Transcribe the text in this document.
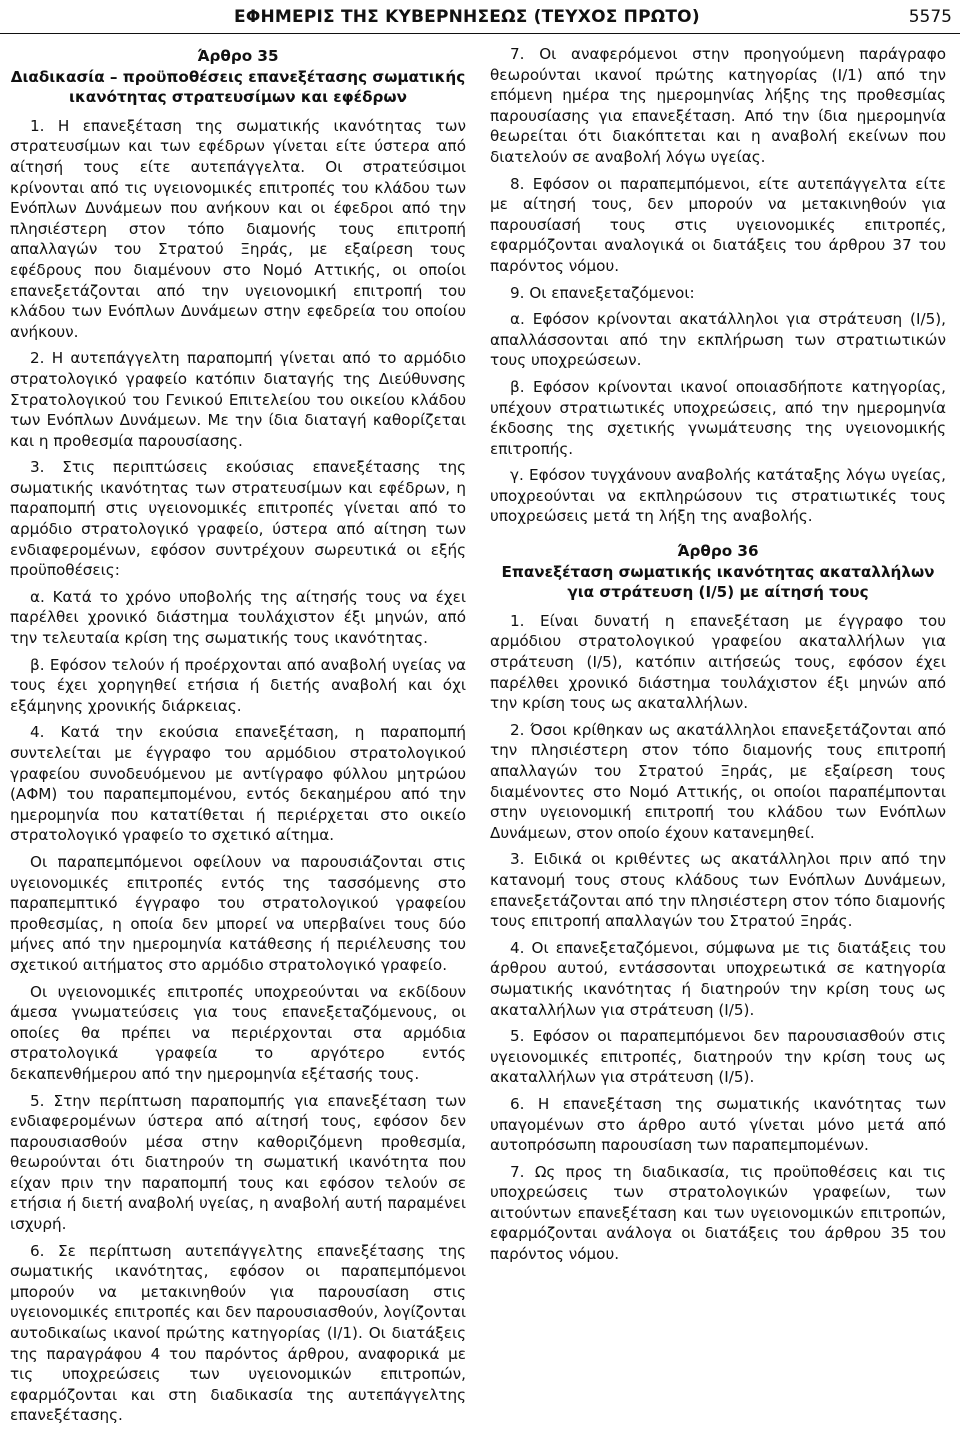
ΕΦΗΜΕΡΙΣ ΤΗΣ ΚΥΒΕΡΝΗΣΕΩΣ (ΤΕΥΧΟΣ ΠΡΩΤΟ)	5575
Άρθρο 35
Διαδικασία – προϋποθέσεις επανεξέτασης σωματικής ικανότητας στρατευσίμων και εφέδρων

1. Η επανεξέταση της σωματικής ικανότητας των στρατευσίμων και των εφέδρων γίνεται είτε ύστερα από αίτησή τους είτε αυτεπάγγελτα. Οι στρατεύσιμοι κρίνονται από τις υγειονομικές επιτροπές του κλάδου των Ενόπλων Δυνάμεων που ανήκουν και οι έφεδροι από την πλησιέστερη στον τόπο διαμονής τους επιτροπή απαλλαγών του Στρατού Ξηράς, με εξαίρεση τους εφέδρους που διαμένουν στο Νομό Αττικής, οι οποίοι επανεξετάζονται από την υγειονομική επιτροπή του κλάδου των Ενόπλων Δυνάμεων στην εφεδρεία του οποίου ανήκουν.

2. Η αυτεπάγγελτη παραπομπή γίνεται από το αρμόδιο στρατολογικό γραφείο κατόπιν διαταγής της Διεύθυνσης Στρατολογικού του Γενικού Επιτελείου του οικείου κλάδου των Ενόπλων Δυνάμεων. Με την ίδια διαταγή καθορίζεται και η προθεσμία παρουσίασης.

3. Στις περιπτώσεις εκούσιας επανεξέτασης της σωματικής ικανότητας των στρατευσίμων και εφέδρων, η παραπομπή στις υγειονομικές επιτροπές γίνεται από το αρμόδιο στρατολογικό γραφείο, ύστερα από αίτηση των ενδιαφερομένων, εφόσον συντρέχουν σωρευτικά οι εξής προϋποθέσεις:

α. Κατά το χρόνο υποβολής της αίτησής τους να έχει παρέλθει χρονικό διάστημα τουλάχιστον έξι μηνών, από την τελευταία κρίση της σωματικής τους ικανότητας.

β. Εφόσον τελούν ή προέρχονται από αναβολή υγείας να τους έχει χορηγηθεί ετήσια ή διετής αναβολή και όχι εξάμηνης χρονικής διάρκειας.

4. Κατά την εκούσια επανεξέταση, η παραπομπή συντελείται με έγγραφο του αρμόδιου στρατολογικού γραφείου συνοδευόμενου με αντίγραφο φύλλου μητρώου (ΑΦΜ) του παραπεμπομένου, εντός δεκαημέρου από την ημερομηνία που κατατίθεται ή περιέρχεται στο οικείο στρατολογικό γραφείο το σχετικό αίτημα.

Οι παραπεμπόμενοι οφείλουν να παρουσιάζονται στις υγειονομικές επιτροπές εντός της τασσόμενης στο παραπεμπτικό έγγραφο του στρατολογικού γραφείου προθεσμίας, η οποία δεν μπορεί να υπερβαίνει τους δύο μήνες από την ημερομηνία κατάθεσης ή περιέλευσης του σχετικού αιτήματος στο αρμόδιο στρατολογικό γραφείο.

Οι υγειονομικές επιτροπές υποχρεούνται να εκδίδουν άμεσα γνωματεύσεις για τους επανεξεταζόμενους, οι οποίες θα πρέπει να περιέρχονται στα αρμόδια στρατολογικά γραφεία το αργότερο εντός δεκαπενθήμερου από την ημερομηνία εξέτασής τους.

5. Στην περίπτωση παραπομπής για επανεξέταση των ενδιαφερομένων ύστερα από αίτησή τους, εφόσον δεν παρουσιασθούν μέσα στην καθοριζόμενη προθεσμία, θεωρούνται ότι διατηρούν τη σωματική ικανότητα που είχαν πριν την παραπομπή τους και εφόσον τελούν σε ετήσια ή διετή αναβολή υγείας, η αναβολή αυτή παραμένει ισχυρή.

6. Σε περίπτωση αυτεπάγγελτης επανεξέτασης της σωματικής ικανότητας, εφόσον οι παραπεμπόμενοι μπορούν να μετακινηθούν για παρουσίαση στις υγειονομικές επιτροπές και δεν παρουσιασθούν, λογίζονται αυτοδικαίως ικανοί πρώτης κατηγορίας (Ι/1). Οι διατάξεις της παραγράφου 4 του παρόντος άρθρου, αναφορικά με τις υποχρεώσεις των υγειονομικών επιτροπών, εφαρμόζονται και στη διαδικασία της αυτεπάγγελτης επανεξέτασης.

7. Οι αναφερόμενοι στην προηγούμενη παράγραφο θεωρούνται ικανοί πρώτης κατηγορίας (Ι/1) από την επόμενη ημέρα της ημερομηνίας λήξης της προθεσμίας παρουσίασης για επανεξέταση. Από την ίδια ημερομηνία θεωρείται ότι διακόπτεται και η αναβολή εκείνων που διατελούν σε αναβολή λόγω υγείας.

8. Εφόσον οι παραπεμπόμενοι, είτε αυτεπάγγελτα είτε με αίτησή τους, δεν μπορούν να μετακινηθούν για παρουσίασή τους στις υγειονομικές επιτροπές, εφαρμόζονται αναλογικά οι διατάξεις του άρθρου 37 του παρόντος νόμου.

9. Οι επανεξεταζόμενοι:

α. Εφόσον κρίνονται ακατάλληλοι για στράτευση (Ι/5), απαλλάσσονται από την εκπλήρωση των στρατιωτικών τους υποχρεώσεων.

β. Εφόσον κρίνονται ικανοί οποιασδήποτε κατηγορίας, υπέχουν στρατιωτικές υποχρεώσεις, από την ημερομηνία έκδοσης της σχετικής γνωμάτευσης της υγειονομικής επιτροπής.

γ. Εφόσον τυγχάνουν αναβολής κατάταξης λόγω υγείας, υποχρεούνται να εκπληρώσουν τις στρατιωτικές τους υποχρεώσεις μετά τη λήξη της αναβολής.

Άρθρο 36
Επανεξέταση σωματικής ικανότητας ακαταλλήλων για στράτευση (Ι/5) με αίτησή τους

1. Είναι δυνατή η επανεξέταση με έγγραφο του αρμόδιου στρατολογικού γραφείου ακαταλλήλων για στράτευση (Ι/5), κατόπιν αιτήσεώς τους, εφόσον έχει παρέλθει χρονικό διάστημα τουλάχιστον έξι μηνών από την κρίση τους ως ακαταλλήλων.

2. Όσοι κρίθηκαν ως ακατάλληλοι επανεξετάζονται από την πλησιέστερη στον τόπο διαμονής τους επιτροπή απαλλαγών του Στρατού Ξηράς, με εξαίρεση τους διαμένοντες στο Νομό Αττικής, οι οποίοι παραπέμπονται στην υγειονομική επιτροπή του κλάδου των Ενόπλων Δυνάμεων, στον οποίο έχουν κατανεμηθεί.

3. Ειδικά οι κριθέντες ως ακατάλληλοι πριν από την κατανομή τους στους κλάδους των Ενόπλων Δυνάμεων, επανεξετάζονται από την πλησιέστερη στον τόπο διαμονής τους επιτροπή απαλλαγών του Στρατού Ξηράς.

4. Οι επανεξεταζόμενοι, σύμφωνα με τις διατάξεις του άρθρου αυτού, εντάσσονται υποχρεωτικά σε κατηγορία σωματικής ικανότητας ή διατηρούν την κρίση τους ως ακαταλλήλων για στράτευση (Ι/5).

5. Εφόσον οι παραπεμπόμενοι δεν παρουσιασθούν στις υγειονομικές επιτροπές, διατηρούν την κρίση τους ως ακαταλλήλων για στράτευση (Ι/5).

6. Η επανεξέταση της σωματικής ικανότητας των υπαγομένων στο άρθρο αυτό γίνεται μόνο μετά από αυτοπρόσωπη παρουσίαση των παραπεμπομένων.

7. Ως προς τη διαδικασία, τις προϋποθέσεις και τις υποχρεώσεις των στρατολογικών γραφείων, των αιτούντων επανεξέταση και των υγειονομικών επιτροπών, εφαρμόζονται ανάλογα οι διατάξεις του άρθρου 35 του παρόντος νόμου.
